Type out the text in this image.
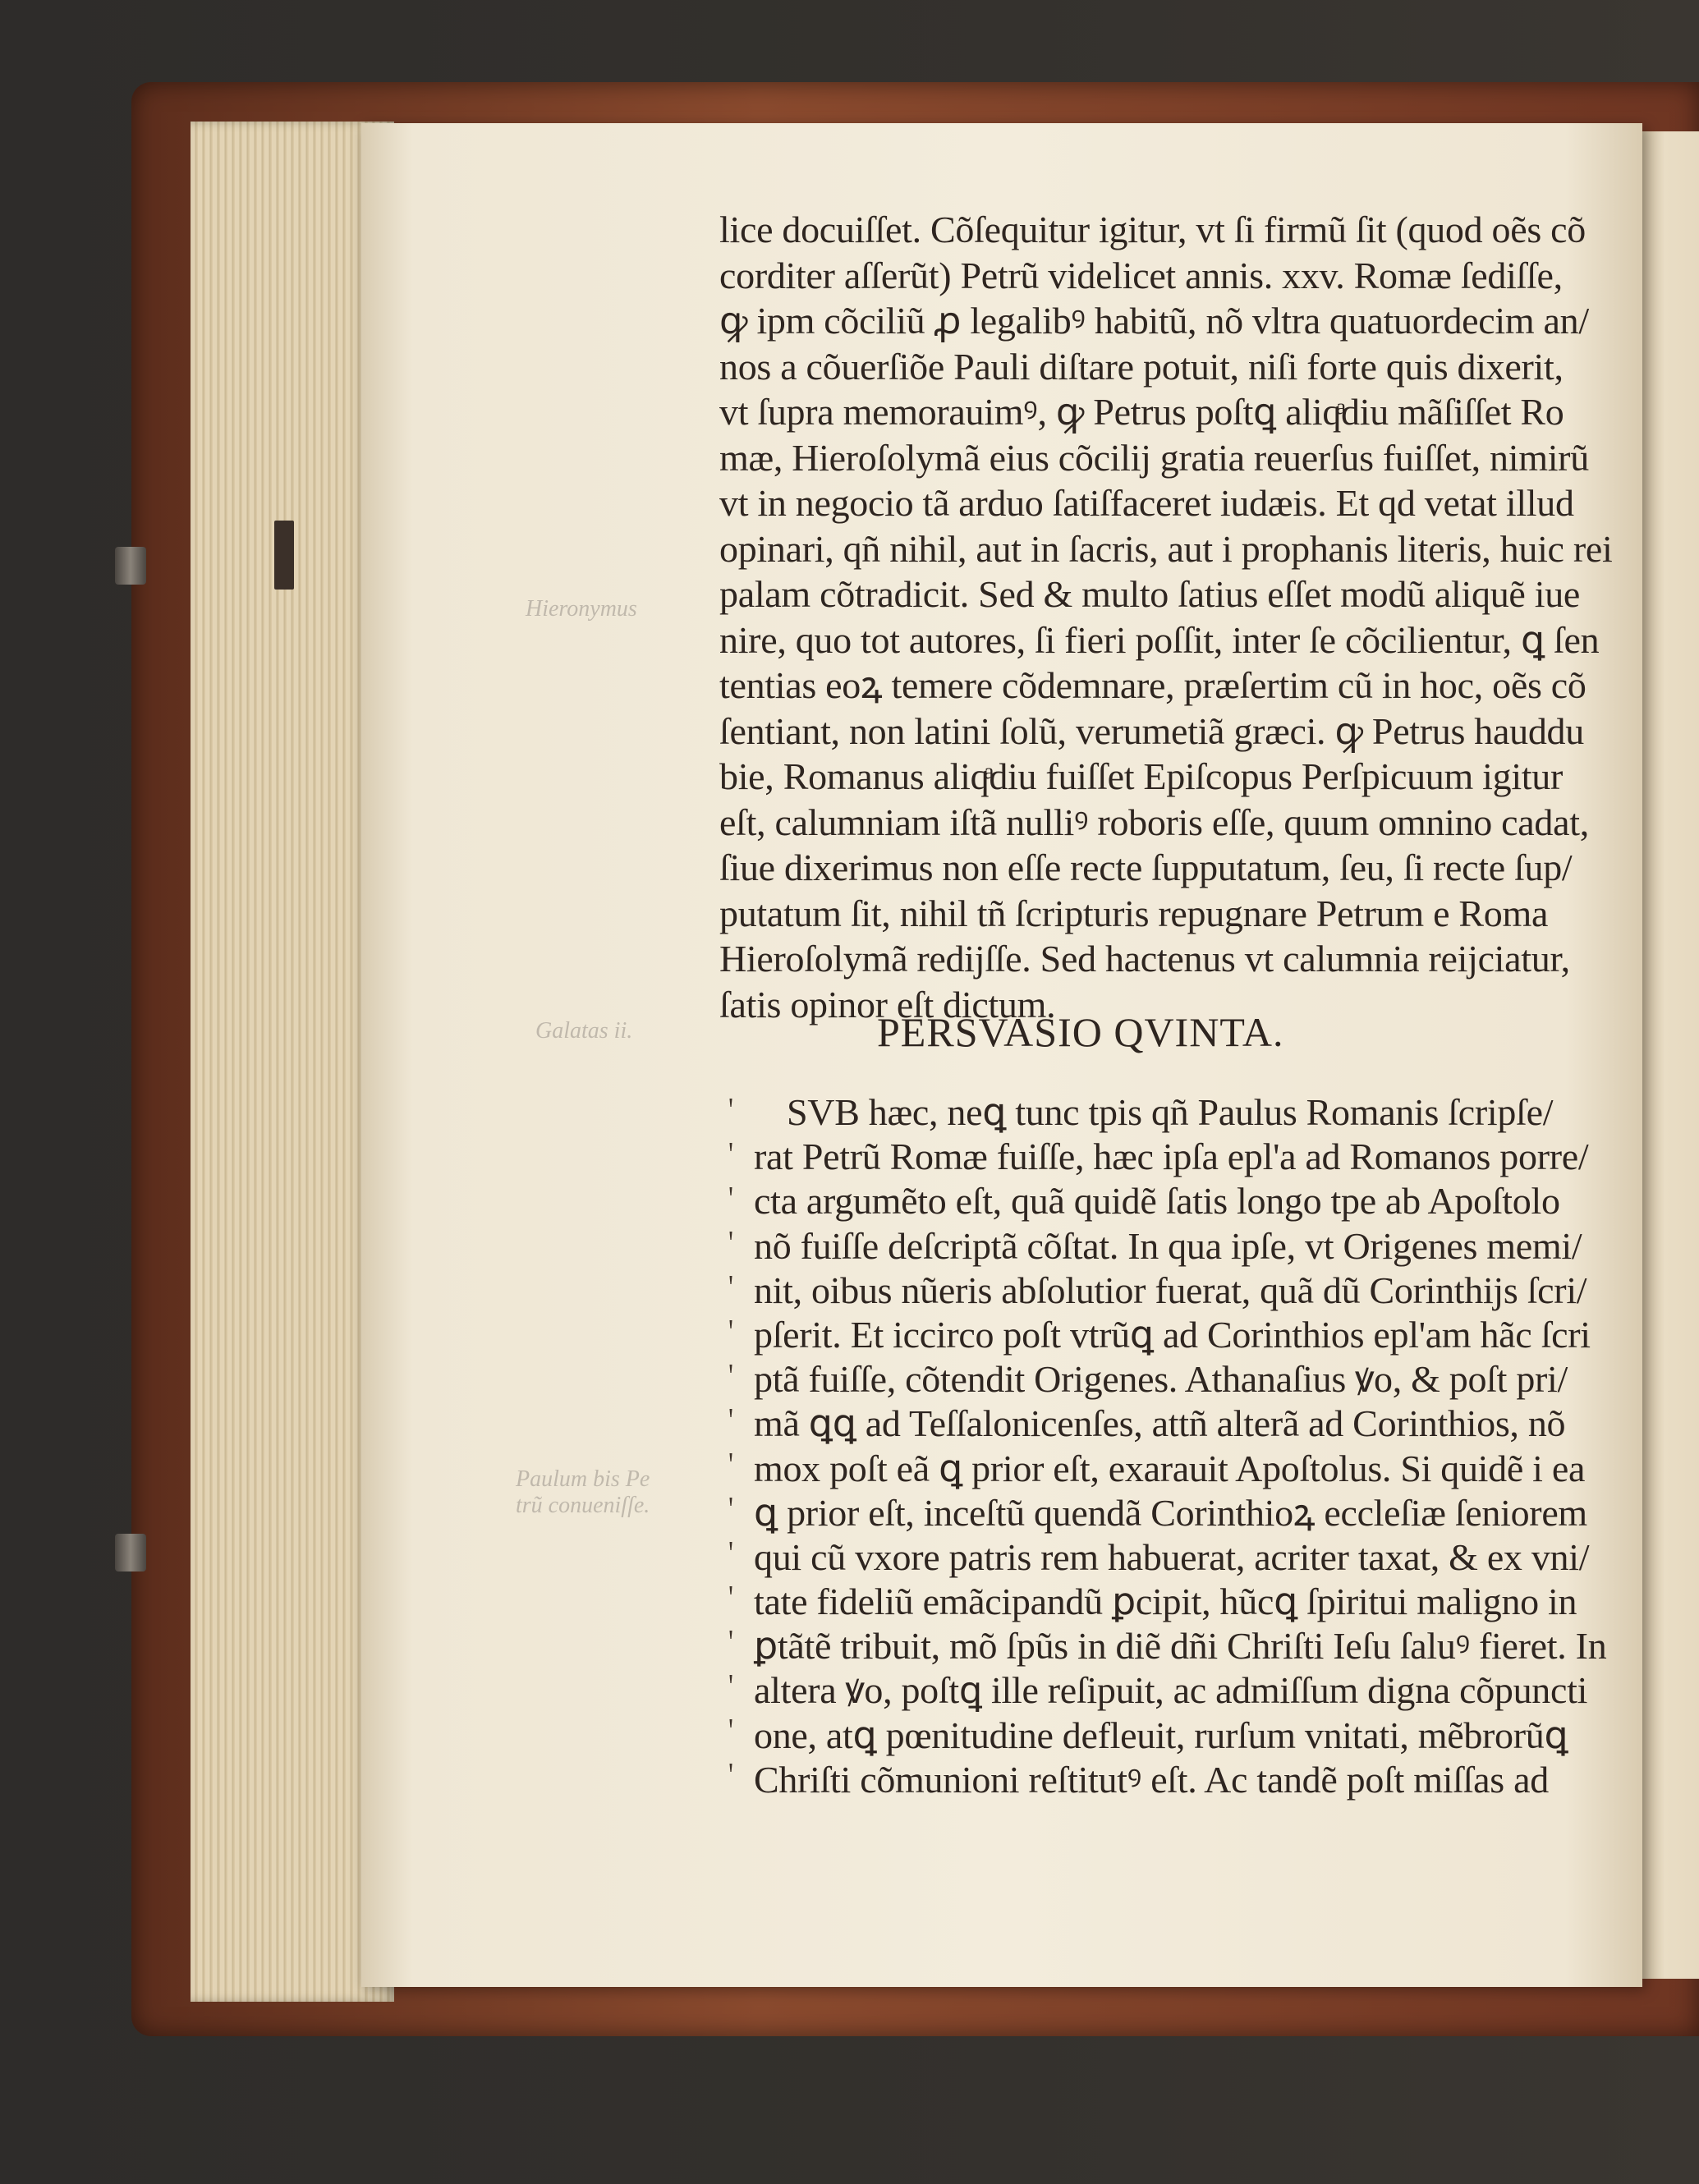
Hieronymus
Galatas ii.
Paulum bis Pe
trũ conueniſſe.
lice docuiſſet. Cõſequitur igitur, vt ſi firmũ ſit (quod oẽs cõ
corditer aſſerũt) Petrũ videlicet annis. xxv. Romæ ſediſſe,
ꝙ ipm cõciliũ ꝓ legalibꝰ habitũ, nõ vltra quatuordecim an/
nos a cõuerſiõe Pauli diſtare potuit, niſi forte quis dixerit,
vt ſupra memorauimꝰ, ꝙ Petrus poſtꝗ aliqͣdiu mãſiſſet Ro
mæ, Hieroſolymã eius cõcilij gratia reuerſus fuiſſet, nimirũ
vt in negocio tã arduo ſatiſfaceret iudæis. Et qd vetat illud
opinari, qñ nihil, aut in ſacris, aut i prophanis literis, huic rei
palam cõtradicit. Sed & multo ſatius eſſet modũ aliquẽ iue
nire, quo tot autores, ſi fieri poſſit, inter ſe cõcilientur, ꝗ ſen
tentias eoꝝ temere cõdemnare, præſertim cũ in hoc, oẽs cõ
ſentiant, non latini ſolũ, verumetiã græci. ꝙ Petrus hauddu
bie, Romanus aliqͣdiu fuiſſet Epiſcopus Perſpicuum igitur
eſt, calumniam iſtã nullіꝰ roboris eſſe, quum omnino cadat,
ſiue dixerimus non eſſe recte ſupputatum, ſeu, ſi recte ſup/
putatum ſit, nihil tñ ſcripturis repugnare Petrum e Roma
Hieroſolymã redijſſe. Sed hactenus vt calumnia reijciatur,
ſatis opinor eſt dictum.
PERSVASIO QVINTA.
SVB hæc, neꝗ tunc tpis qñ Paulus Romanis ſcripſe/
rat Petrũ Romæ fuiſſe, hæc ipſa epl'a ad Romanos porre/
cta argumẽto eſt, quã quidẽ ſatis longo tpe ab Apoſtolo
nõ fuiſſe deſcriptã cõſtat. In qua ipſe, vt Origenes memi/
nit, oibus nũeris abſolutior fuerat, quã dũ Corinthijs ſcri/
pſerit. Et iccirco poſt vtrũꝗ ad Corinthios epl'am hãc ſcri
ptã fuiſſe, cõtendit Origenes. Athanaſius ꝟo, & poſt pri/
mã ꝗꝗ ad Teſſalonicenſes, attñ alterã ad Corinthios, nõ
mox poſt eã ꝗ prior eſt, exarauit Apoſtolus. Si quidẽ i ea
ꝗ prior eſt, inceſtũ quendã Corinthioꝝ eccleſiæ ſeniorem
qui cũ vxore patris rem habuerat, acriter taxat, & ex vni/
tate fideliũ emãcipandũ ꝑcipit, hũcꝗ ſpiritui maligno in
ꝑtãtẽ tribuit, mõ ſpũs in diẽ dñi Chriſti Ieſu ſaluꝰ fieret. In
altera ꝟo, poſtꝗ ille reſipuit, ac admiſſum digna cõpuncti
one, atꝗ pœnitudine defleuit, rurſum vnitati, mẽbrorũꝗ
Chriſti cõmunioni reſtitutꝰ eſt. Ac tandẽ poſt miſſas ad
ꞌ
ꞌ
ꞌ
ꞌ
ꞌ
ꞌ
ꞌ
ꞌ
ꞌ
ꞌ
ꞌ
ꞌ
ꞌ
ꞌ
ꞌ
ꞌ
